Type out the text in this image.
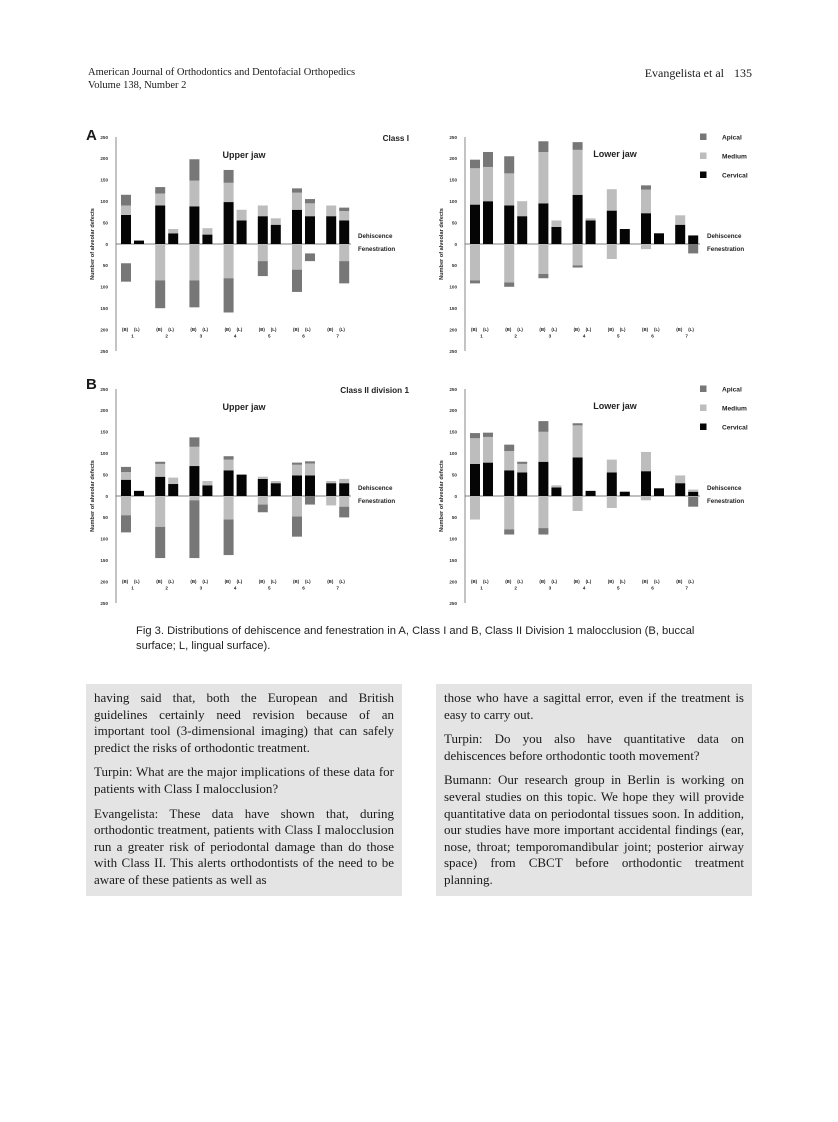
American Journal of Orthodontics and Dentofacial Orthopedics
Volume 138, Number 2
Evangelista et al 135
A
B
Number of alveolar defects
250
200
150
100
50
0
50
100
150
200
250
(B) (L)
1
(B) (L)
2
(B) (L)
3
(B) (L)
4
(B) (L)
5
(B) (L)
6
(B) (L)
7
Dehiscence
Fenestration
Upper jaw
Class I
Number of alveolar defects
250
200
150
100
50
0
50
100
150
200
250
(B) (L)
1
(B) (L)
2
(B) (L)
3
(B) (L)
4
(B) (L)
5
(B) (L)
6
(B) (L)
7
Dehiscence
Fenestration
Lower jaw
Apical
Medium
Cervical
Number of alveolar defects
250
200
150
100
50
0
50
100
150
200
250
(B) (L)
1
(B) (L)
2
(B) (L)
3
(B) (L)
4
(B) (L)
5
(B) (L)
6
(B) (L)
7
Dehiscence
Fenestration
Upper jaw
Class II division 1
Number of alveolar defects
250
200
150
100
50
0
50
100
150
200
250
(B) (L)
1
(B) (L)
2
(B) (L)
3
(B) (L)
4
(B) (L)
5
(B) (L)
6
(B) (L)
7
Dehiscence
Fenestration
Lower jaw
Apical
Medium
Cervical
Fig 3. Distributions of dehiscence and fenestration in A, Class I and B, Class II Division 1 malocclusion (B, buccal surface; L, lingual surface).

having said that, both the European and British guidelines certainly need revision because of an important tool (3-dimensional imaging) that can safely predict the risks of orthodontic treatment.

Turpin: What are the major implications of these data for patients with Class I malocclusion?

Evangelista: These data have shown that, during orthodontic treatment, patients with Class I malocclusion run a greater risk of periodontal damage than do those with Class II. This alerts orthodontists of the need to be aware of these patients as well as

those who have a sagittal error, even if the treatment is easy to carry out.

Turpin: Do you also have quantitative data on dehiscences before orthodontic tooth movement?

Bumann: Our research group in Berlin is working on several studies on this topic. We hope they will provide quantitative data on periodontal tissues soon. In addition, our studies have more important accidental findings (ear, nose, throat; temporomandibular joint; posterior airway space) from CBCT before orthodontic treatment planning.
